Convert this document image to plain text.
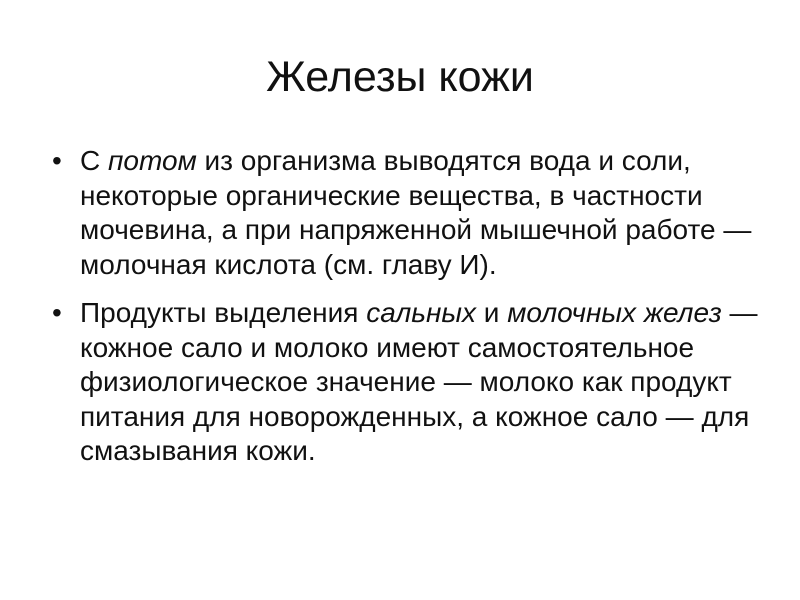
Железы кожи
• С потом из организма выводятся вода и соли, некоторые органические вещества, в частности мочевина, а при напряженной мышечной работе — молочная кислота (см. главу И).
• Продукты выделения сальных и молочных желез — кожное сало и молоко имеют самостоятельное физиологическое значение — молоко как продукт питания для новорожденных, а кожное сало — для смазывания кожи.
